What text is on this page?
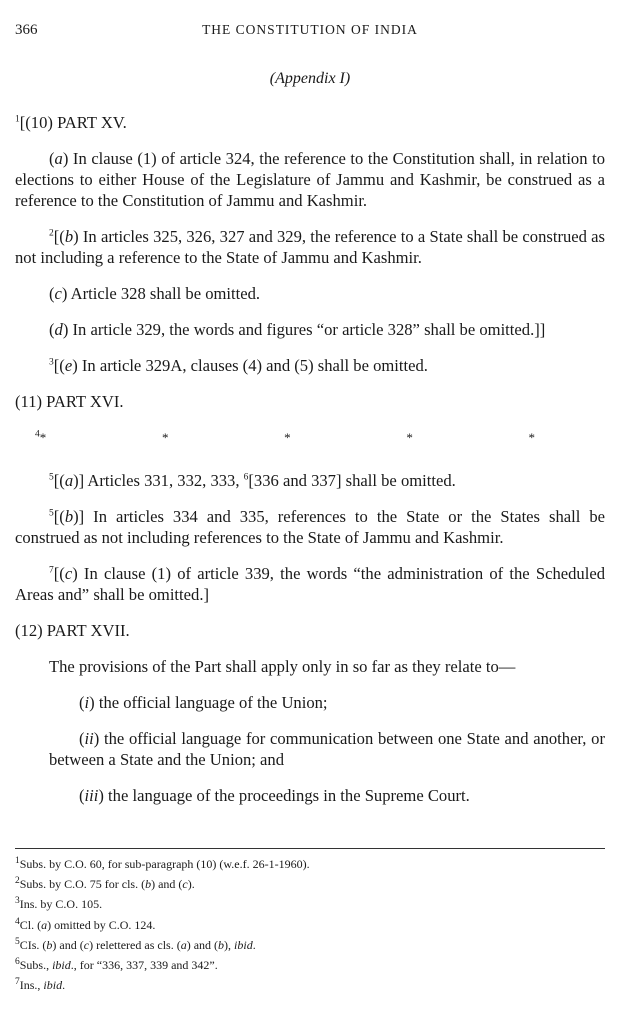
366	THE CONSTITUTION OF INDIA
(Appendix I)

$^1$[(10) PART XV.

(a) In clause (1) of article 324, the reference to the Constitution shall, in relation to elections to either House of the Legislature of Jammu and Kashmir, be construed as a reference to the Constitution of Jammu and Kashmir.

$^2$[(b) In articles 325, 326, 327 and 329, the reference to a State shall be construed as not including a reference to the State of Jammu and Kashmir.

(c) Article 328 shall be omitted.

(d) In article 329, the words and figures “or article 328” shall be omitted.]]

$^3$[(e) In article 329A, clauses (4) and (5) shall be omitted.

(11) PART XVI.

$^4$*	*	*	*	*

$^5$[(a)] Articles 331, 332, 333, $^6$[336 and 337] shall be omitted.

$^5$[(b)] In articles 334 and 335, references to the State or the States shall be construed as not including references to the State of Jammu and Kashmir.

$^7$[(c) In clause (1) of article 339, the words “the administration of the Scheduled Areas and” shall be omitted.]

(12) PART XVII.

The provisions of the Part shall apply only in so far as they relate to—

(i) the official language of the Union;

(ii) the official language for communication between one State and another, or between a State and the Union; and

(iii) the language of the proceedings in the Supreme Court.

$^1$Subs. by C.O. 60, for sub-paragraph (10) (w.e.f. 26-1-1960).

$^2$Subs. by C.O. 75 for cls. (b) and (c).

$^3$Ins. by C.O. 105.

$^4$Cl. (a) omitted by C.O. 124.

$^5$CIs. (b) and (c) relettered as cls. (a) and (b), ibid.

$^6$Subs., ibid., for “336, 337, 339 and 342”.

$^7$Ins., ibid.
